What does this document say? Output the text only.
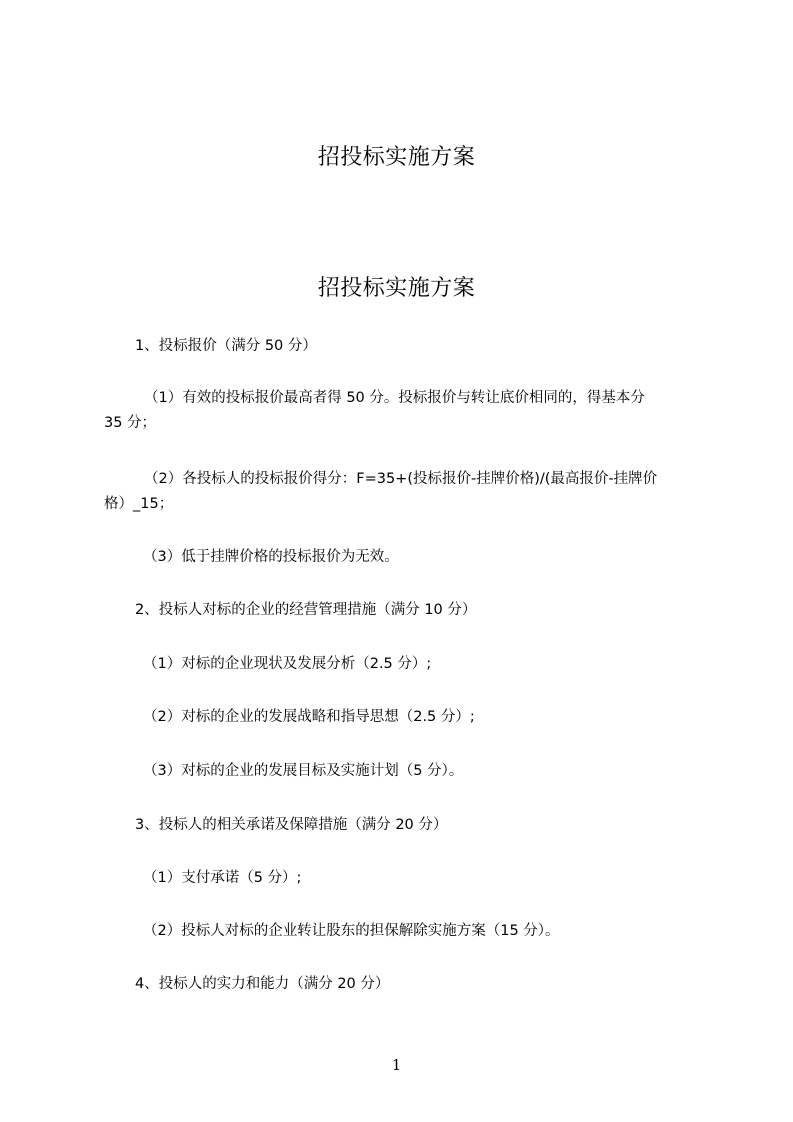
招投标实施方案
招投标实施方案
1、投标报价（满分 50 分）
（1）有效的投标报价最高者得 50 分。投标报价与转让底价相同的，得基本分
35 分；
（2）各投标人的投标报价得分：F=35+(投标报价-挂牌价格)/(最高报价-挂牌价
格）_15；
（3）低于挂牌价格的投标报价为无效。
2、投标人对标的企业的经营管理措施（满分 10 分）
（1）对标的企业现状及发展分析（2.5 分）;
（2）对标的企业的发展战略和指导思想（2.5 分）;
（3）对标的企业的发展目标及实施计划（5 分）。
3、投标人的相关承诺及保障措施（满分 20 分）
（1）支付承诺（5 分）;
（2）投标人对标的企业转让股东的担保解除实施方案（15 分）。
4、投标人的实力和能力（满分 20 分）
1
